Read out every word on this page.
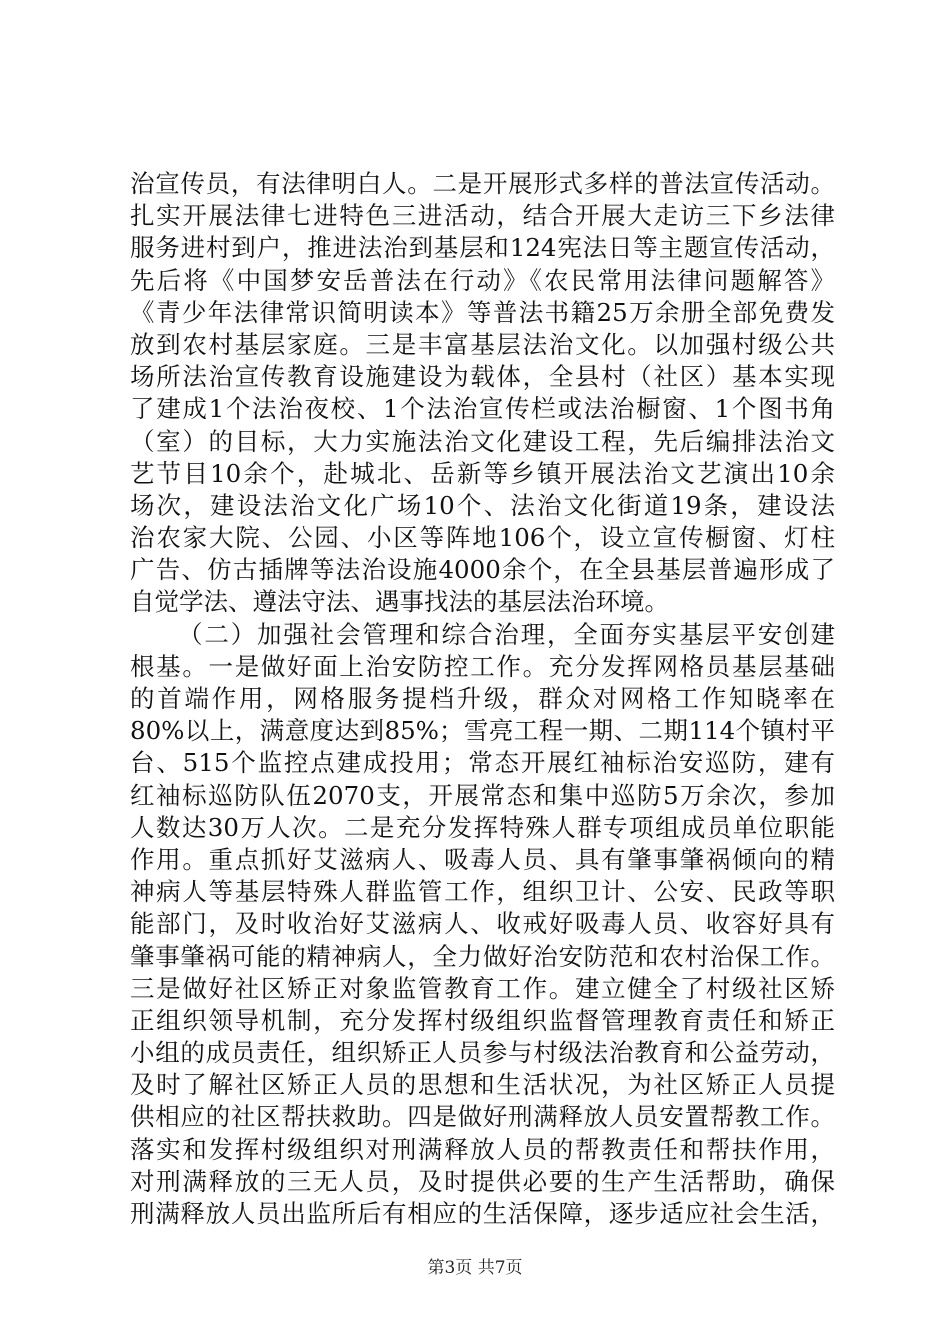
治宣传员，有法律明白人。二是开展形式多样的普法宣传活动。
扎实开展法律七进特色三进活动，结合开展大走访三下乡法律
服务进村到户，推进法治到基层和124宪法日等主题宣传活动，
先后将《中国梦安岳普法在行动》《农民常用法律问题解答》
《青少年法律常识简明读本》等普法书籍25万余册全部免费发
放到农村基层家庭。三是丰富基层法治文化。以加强村级公共
场所法治宣传教育设施建设为载体，全县村（社区）基本实现
了建成1个法治夜校、1个法治宣传栏或法治橱窗、1个图书角
（室）的目标，大力实施法治文化建设工程，先后编排法治文
艺节目10余个，赴城北、岳新等乡镇开展法治文艺演出10余
场次，建设法治文化广场10个、法治文化街道19条，建设法
治农家大院、公园、小区等阵地106个，设立宣传橱窗、灯柱
广告、仿古插牌等法治设施4000余个，在全县基层普遍形成了
自觉学法、遵法守法、遇事找法的基层法治环境。
（二）加强社会管理和综合治理，全面夯实基层平安创建
根基。一是做好面上治安防控工作。充分发挥网格员基层基础
的首端作用，网格服务提档升级，群众对网格工作知晓率在
80%以上，满意度达到85%；雪亮工程一期、二期114个镇村平
台、515个监控点建成投用；常态开展红袖标治安巡防，建有
红袖标巡防队伍2070支，开展常态和集中巡防5万余次，参加
人数达30万人次。二是充分发挥特殊人群专项组成员单位职能
作用。重点抓好艾滋病人、吸毒人员、具有肇事肇祸倾向的精
神病人等基层特殊人群监管工作，组织卫计、公安、民政等职
能部门，及时收治好艾滋病人、收戒好吸毒人员、收容好具有
肇事肇祸可能的精神病人，全力做好治安防范和农村治保工作。
三是做好社区矫正对象监管教育工作。建立健全了村级社区矫
正组织领导机制，充分发挥村级组织监督管理教育责任和矫正
小组的成员责任，组织矫正人员参与村级法治教育和公益劳动，
及时了解社区矫正人员的思想和生活状况，为社区矫正人员提
供相应的社区帮扶救助。四是做好刑满释放人员安置帮教工作。
落实和发挥村级组织对刑满释放人员的帮教责任和帮扶作用，
对刑满释放的三无人员，及时提供必要的生产生活帮助，确保
刑满释放人员出监所后有相应的生活保障，逐步适应社会生活，
第3页 共7页
